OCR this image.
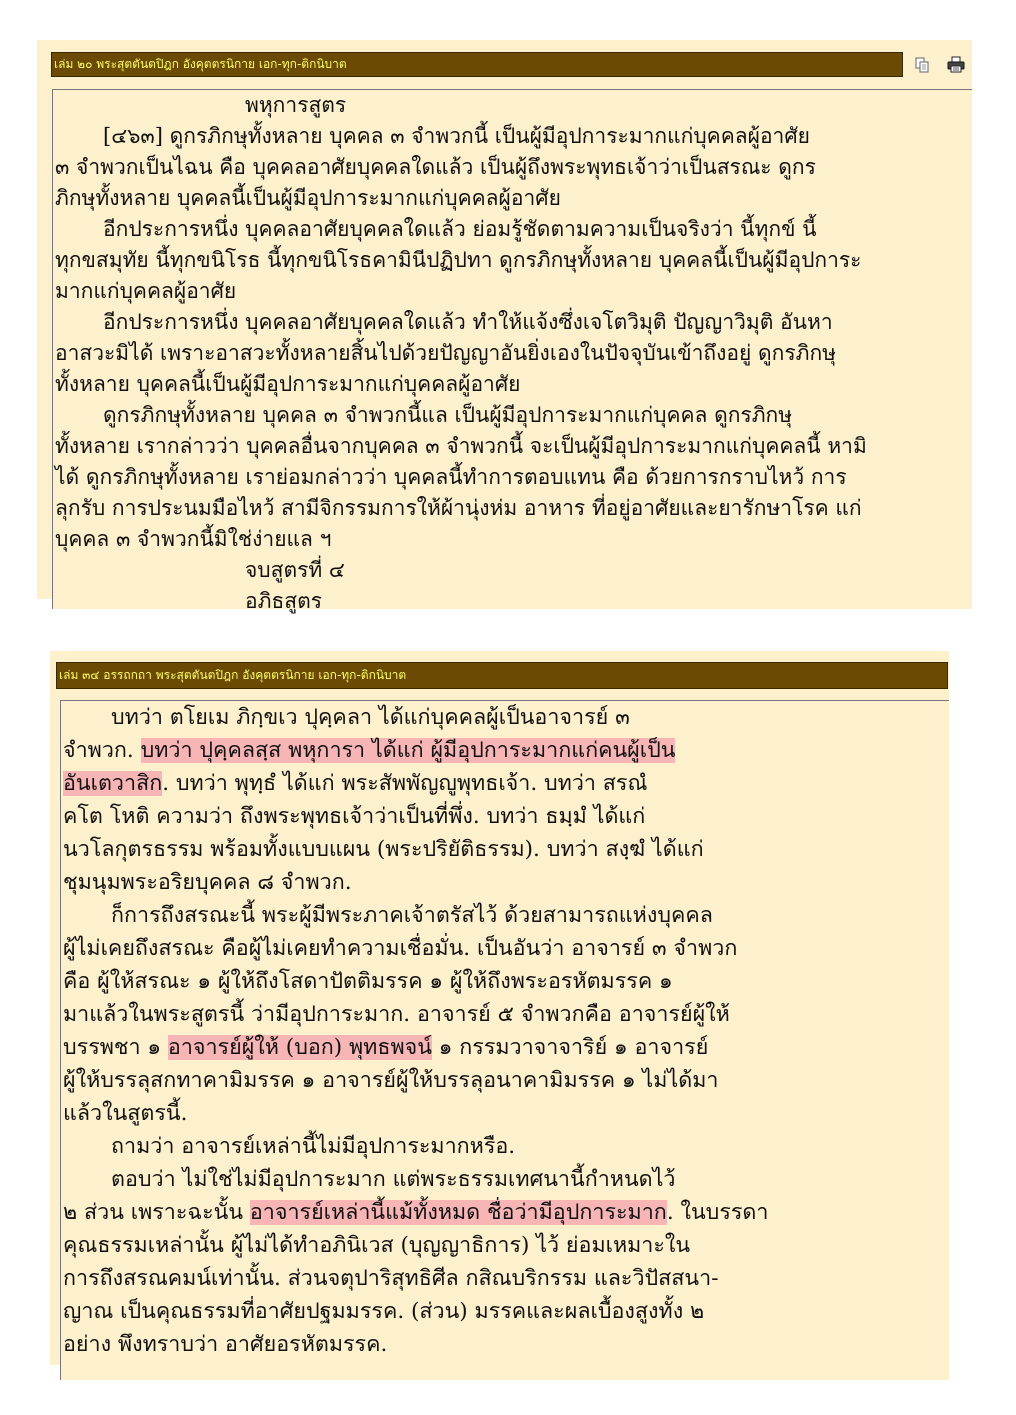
เล่ม ๒๐ พระสุตตันตปิฎก อังคุตตรนิกาย เอก-ทุก-ติกนิบาต
พหุการสูตร
[๔๖๓] ดูกรภิกษุทั้งหลาย บุคคล ๓ จำพวกนี้ เป็นผู้มีอุปการะมากแก่บุคคลผู้อาศัย
๓ จำพวกเป็นไฉน คือ บุคคลอาศัยบุคคลใดแล้ว เป็นผู้ถึงพระพุทธเจ้าว่าเป็นสรณะ ดูกร
ภิกษุทั้งหลาย บุคคลนี้เป็นผู้มีอุปการะมากแก่บุคคลผู้อาศัย
อีกประการหนึ่ง บุคคลอาศัยบุคคลใดแล้ว ย่อมรู้ชัดตามความเป็นจริงว่า นี้ทุกข์ นี้
ทุกขสมุทัย นี้ทุกขนิโรธ นี้ทุกขนิโรธคามินีปฏิปทา ดูกรภิกษุทั้งหลาย บุคคลนี้เป็นผู้มีอุปการะ
มากแก่บุคคลผู้อาศัย
อีกประการหนึ่ง บุคคลอาศัยบุคคลใดแล้ว ทำให้แจ้งซึ่งเจโตวิมุติ ปัญญาวิมุติ อันหา
อาสวะมิได้ เพราะอาสวะทั้งหลายสิ้นไปด้วยปัญญาอันยิ่งเองในปัจจุบันเข้าถึงอยู่ ดูกรภิกษุ
ทั้งหลาย บุคคลนี้เป็นผู้มีอุปการะมากแก่บุคคลผู้อาศัย
ดูกรภิกษุทั้งหลาย บุคคล ๓ จำพวกนี้แล เป็นผู้มีอุปการะมากแก่บุคคล ดูกรภิกษุ
ทั้งหลาย เรากล่าวว่า บุคคลอื่นจากบุคคล ๓ จำพวกนี้ จะเป็นผู้มีอุปการะมากแก่บุคคลนี้ หามิ
ได้ ดูกรภิกษุทั้งหลาย เราย่อมกล่าวว่า บุคคลนี้ทำการตอบแทน คือ ด้วยการกราบไหว้ การ
ลุกรับ การประนมมือไหว้ สามีจิกรรมการให้ผ้านุ่งห่ม อาหาร ที่อยู่อาศัยและยารักษาโรค แก่
บุคคล ๓ จำพวกนี้มิใช่ง่ายแล ฯ
จบสูตรที่ ๔
อภิธสูตร
เล่ม ๓๔ อรรถกถา พระสุตตันตปิฎก อังคุตตรนิกาย เอก-ทุก-ติกนิบาต
บทว่า ตโยเม ภิกฺขเว ปุคฺคลา ได้แก่บุคคลผู้เป็นอาจารย์ ๓
จำพวก. บทว่า ปุคฺคลสฺส พหุการา ได้แก่ ผู้มีอุปการะมากแก่คนผู้เป็น
อันเตวาสิก. บทว่า พุทฺธํ ได้แก่ พระสัพพัญญูพุทธเจ้า. บทว่า สรณํ
คโต โหติ ความว่า ถึงพระพุทธเจ้าว่าเป็นที่พึ่ง. บทว่า ธมฺมํ ได้แก่
นวโลกุตรธรรม พร้อมทั้งแบบแผน (พระปริยัติธรรม). บทว่า สงฺฆํ ได้แก่
ชุมนุมพระอริยบุคคล ๘ จำพวก.
ก็การถึงสรณะนี้ พระผู้มีพระภาคเจ้าตรัสไว้ ด้วยสามารถแห่งบุคคล
ผู้ไม่เคยถึงสรณะ คือผู้ไม่เคยทำความเชื่อมั่น. เป็นอันว่า อาจารย์ ๓ จำพวก
คือ ผู้ให้สรณะ ๑ ผู้ให้ถึงโสดาปัตติมรรค ๑ ผู้ให้ถึงพระอรหัตมรรค ๑
มาแล้วในพระสูตรนี้ ว่ามีอุปการะมาก. อาจารย์ ๕ จำพวกคือ อาจารย์ผู้ให้
บรรพชา ๑ อาจารย์ผู้ให้ (บอก) พุทธพจน์ ๑ กรรมวาจาจาริย์ ๑ อาจารย์
ผู้ให้บรรลุสกทาคามิมรรค ๑ อาจารย์ผู้ให้บรรลุอนาคามิมรรค ๑ ไม่ได้มา
แล้วในสูตรนี้.
ถามว่า อาจารย์เหล่านี้ไม่มีอุปการะมากหรือ.
ตอบว่า ไม่ใช่ไม่มีอุปการะมาก แต่พระธรรมเทศนานี้กำหนดไว้
๒ ส่วน เพราะฉะนั้น อาจารย์เหล่านี้แม้ทั้งหมด ชื่อว่ามีอุปการะมาก. ในบรรดา
คุณธรรมเหล่านั้น ผู้ไม่ได้ทำอภินิเวส (บุญญาธิการ) ไว้ ย่อมเหมาะใน
การถึงสรณคมน์เท่านั้น. ส่วนจตุปาริสุทธิศีล กสิณบริกรรม และวิปัสสนา-
ญาณ เป็นคุณธรรมที่อาศัยปฐมมรรค. (ส่วน) มรรคและผลเบื้องสูงทั้ง ๒
อย่าง พึงทราบว่า อาศัยอรหัตมรรค.
